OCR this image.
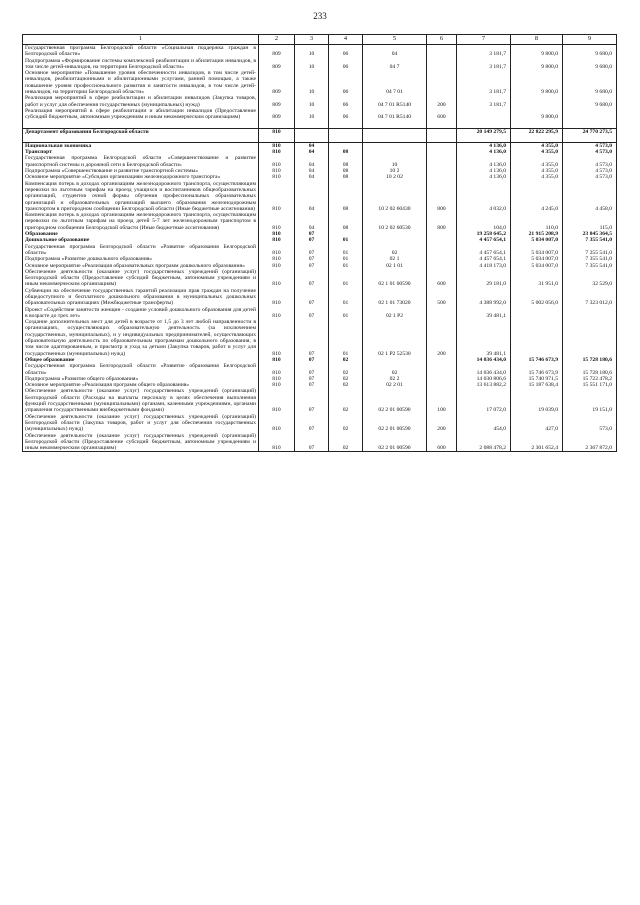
233
1	2	3	4	5	6	7	8	9
Государственная программа Белгородской области «Социальная поддержка граждан в Белгородской области»	809	10	06	04		3 181,7	9 800,0	9 680,0
Подпрограмма «Формирование системы комплексной реабилитации и абилитации инвалидов, в том числе детей-инвалидов, на территории Белгородской области»	809	10	06	04 7		3 181,7	9 800,0	9 680,0
Основное мероприятие «Повышение уровня обеспеченности инвалидов, в том числе детей-инвалидов, реабилитационными и абилитационными услугами, ранней помощью, а также повышение уровня профессионального развития и занятости инвалидов, в том числе детей-инвалидов, на территории Белгородской области»	809	10	06	04 7 01		3 181,7	9 800,0	9 680,0
Реализация мероприятий в сфере реабилитации и абилитации инвалидов (Закупка товаров, работ и услуг для обеспечения государственных (муниципальных) нужд)	809	10	06	04 7 01 R5140	200	3 181,7		9 680,0
Реализация мероприятий в сфере реабилитации и абилитации инвалидов (Предоставление субсидий бюджетным, автономным учреждениям и иным некоммерческим организациям)	809	10	06	04 7 01 R5140	600		9 800,0	

Департамент образования Белгородской области	810					20 149 279,5	22 822 295,9	24 770 273,5

Национальная экономика	810	04				4 136,0	4 355,0	4 573,0
Транспорт	810	04	08			4 136,0	4 355,0	4 573,0
Государственная программа Белгородской области «Совершенствование и развитие транспортной системы и дорожной сети в Белгородской области»	810	04	08	10		4 136,0	4 355,0	4 573,0
Подпрограмма «Совершенствование и развитие транспортной системы»	810	04	08	10 2		4 136,0	4 355,0	4 573,0
Основное мероприятие «Субсидии организациям железнодорожного транспорта»	810	04	08	10 2 02		4 136,0	4 355,0	4 573,0
Компенсация потерь в доходах организациям железнодорожного транспорта, осуществляющим перевозки по льготным тарифам на проезд учащихся и воспитанников общеобразовательных организаций, студентов очной формы обучения профессиональных образовательных организаций и образовательных организаций высшего образования железнодорожным транспортом в пригородном сообщении Белгородской области (Иные бюджетные ассигнования)	810	04	08	10 2 02 60430	800	4 032,0	4 245,0	4 458,0
Компенсация потерь в доходах организациям железнодорожного транспорта, осуществляющим перевозки по льготным тарифам на проезд детей 5-7 лет железнодорожным транспортом в пригородном сообщении Белгородской области (Иные бюджетные ассигнования)	810	04	08	10 2 02 60530	800	104,0	110,0	115,0
Образование	810	07				19 258 645,2	21 915 208,9	23 845 364,5
Дошкольное образование	810	07	01			4 457 654,1	5 034 007,0	7 355 541,0
Государственная программа Белгородской области «Развитие образования Белгородской области»	810	07	01	02		4 457 654,1	5 034 007,0	7 355 541,0
Подпрограмма «Развитие дошкольного образования»	810	07	01	02 1		4 457 654,1	5 034 007,0	7 355 541,0
Основное мероприятие «Реализация образовательных программ дошкольного образования»	810	07	01	02 1 01		4 418 173,0	5 034 007,0	7 355 541,0
Обеспечение деятельности (оказание услуг) государственных учреждений (организаций) Белгородской области (Предоставление субсидий бюджетным, автономным учреждениям и иным некоммерческим организациям)	810	07	01	02 1 01 00590	600	29 181,0	31 951,0	32 529,0
Субвенции на обеспечение государственных гарантий реализации прав граждан на получение общедоступного и бесплатного дошкольного образования в муниципальных дошкольных образовательных организациях (Межбюджетные трансферты)	810	07	01	02 1 01 73020	500	4 388 992,0	5 002 056,0	7 323 012,0
Проект «Содействие занятости женщин - создание условий дошкольного образования для детей в возрасте до трех лет»	810	07	01	02 1 P2		39 481,1		
Создание дополнительных мест для детей в возрасте от 1,5 до 3 лет любой направленности в организациях, осуществляющих образовательную деятельность (за исключением государственных, муниципальных), и у индивидуальных предпринимателей, осуществляющих образовательную деятельность по образовательным программам дошкольного образования, в том числе адаптированным, и присмотр и уход за детьми (Закупка товаров, работ и услуг для государственных (муниципальных) нужд)	810	07	01	02 1 P2 52530	200	39 481,1		
Общее образование	810	07	02			14 036 434,0	15 746 673,9	15 728 180,6
Государственная программа Белгородской области «Развитие образования Белгородской области»	810	07	02	02		14 036 434,0	15 746 673,9	15 728 180,6
Подпрограмма «Развитие общего образования»	810	07	02	02 2		14 030 806,6	15 740 971,5	15 722 478,2
Основное мероприятие «Реализация программ общего образования»	810	07	02	02 2 01		13 613 882,2	15 187 638,4	15 551 171,0
Обеспечение деятельности (оказание услуг) государственных учреждений (организаций) Белгородской области (Расходы на выплаты персоналу в целях обеспечения выполнения функций государственными (муниципальными) органами, казенными учреждениями, органами управления государственными внебюджетными фондами)	810	07	02	02 2 01 00590	100	17 072,0	19 039,0	19 151,0
Обеспечение деятельности (оказание услуг) государственных учреждений (организаций) Белгородской области (Закупка товаров, работ и услуг для обеспечения государственных (муниципальных) нужд)	810	07	02	02 2 01 00590	200	454,0	427,0	573,0
Обеспечение деятельности (оказание услуг) государственных учреждений (организаций) Белгородской области (Предоставление субсидий бюджетным, автономным учреждениям и иным некоммерческим организациям)	810	07	02	02 2 01 00590	600	2 088 478,2	2 301 652,4	2 367 872,0
